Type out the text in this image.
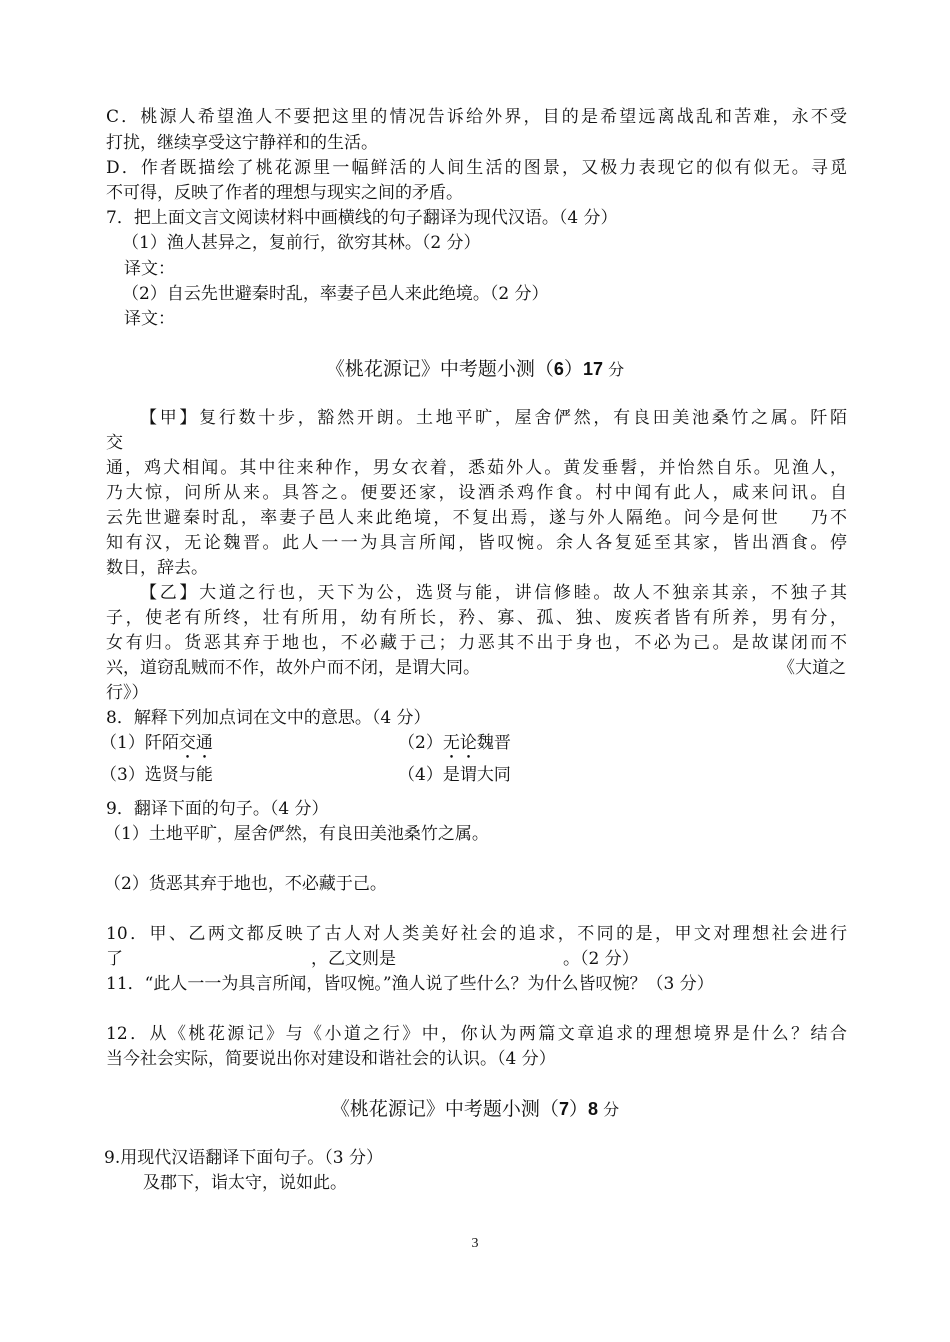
C．桃源人希望渔人不要把这里的情况告诉给外界，目的是希望远离战乱和苦难，永不受
打扰，继续享受这宁静祥和的生活。
D．作者既描绘了桃花源里一幅鲜活的人间生活的图景，又极力表现它的似有似无。寻觅
不可得，反映了作者的理想与现实之间的矛盾。
7．把上面文言文阅读材料中画横线的句子翻译为现代汉语。（4 分）
（1）渔人甚异之，复前行，欲穷其林。（2 分）
译文：
（2）自云先世避秦时乱，率妻子邑人来此绝境。（2 分）
译文：
《桃花源记》中考题小测（6）17 分
【甲】复行数十步，豁然开朗。土地平旷，屋舍俨然，有良田美池桑竹之属。阡陌
交
通，鸡犬相闻。其中往来种作，男女衣着，悉茹外人。黄发垂髫，并怡然自乐。见渔人，
乃大惊，问所从来。具答之。便要还家，设酒杀鸡作食。村中闻有此人，咸来问讯。自
云先世避秦时乱，率妻子邑人来此绝境，不复出焉，遂与外人隔绝。问今是何世    乃不
知有汉，无论魏晋。此人一一为具言所闻，皆叹惋。余人各复延至其家，皆出酒食。停
数日，辞去。
【乙】大道之行也，天下为公，选贤与能，讲信修睦。故人不独亲其亲，不独子其
子，使老有所终，壮有所用，幼有所长，矜、寡、孤、独、废疾者皆有所养，男有分，
女有归。货恶其弃于地也，不必藏于己；力恶其不出于身也，不必为己。是故谋闭而不
兴，道窃乱贼而不作，故外户而不闭，是谓大同。	《大道之
行》）
8．解释下列加点词在文中的意思。（4 分）
（1）阡陌交通	（2）无论魏晋
（3）选贤与能	（4）是谓大同
9．翻译下面的句子。（4 分）
（1）土地平旷，屋舍俨然，有良田美池桑竹之属。
（2）货恶其弃于地也，不必藏于己。
10．甲、乙两文都反映了古人对人类美好社会的追求，不同的是，甲文对理想社会进行
了	，乙文则是	。（2 分）
11．“此人一一为具言所闻，皆叹惋。”渔人说了些什么？为什么皆叹惋？（3 分）
12．从《桃花源记》与《小道之行》中，你认为两篇文章追求的理想境界是什么？结合
当今社会实际，简要说出你对建设和谐社会的认识。（4 分）
《桃花源记》中考题小测（7）8 分
9.用现代汉语翻译下面句子。（3 分）
及郡下，诣太守，说如此。
3
